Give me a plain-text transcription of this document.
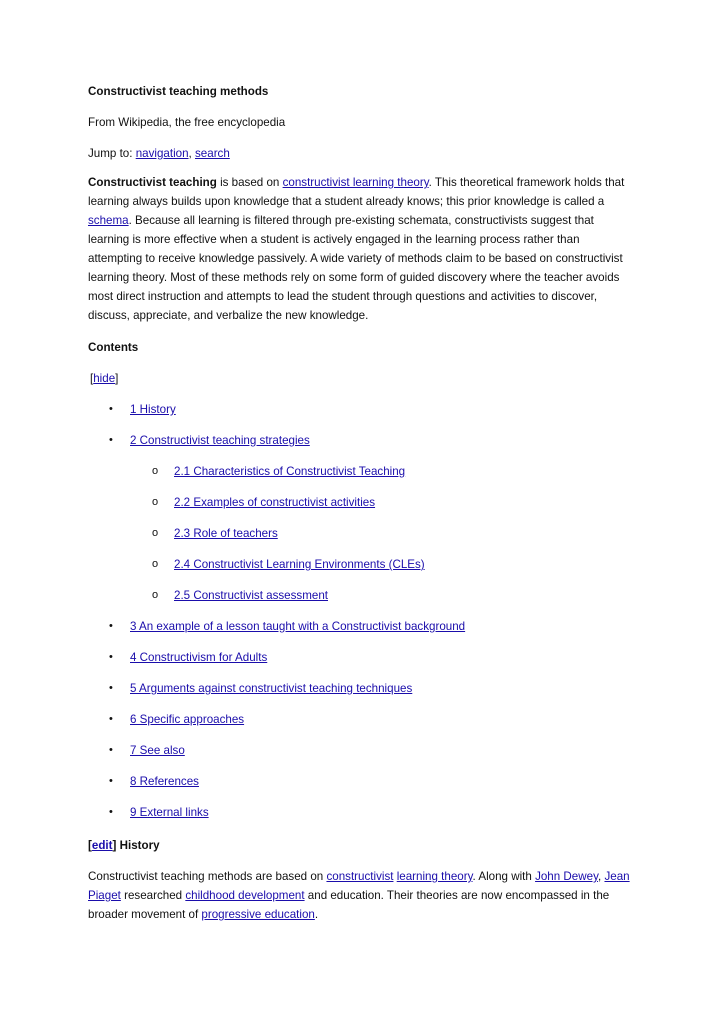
Constructivist teaching methods

From Wikipedia, the free encyclopedia

Jump to: navigation, search

Constructivist teaching is based on constructivist learning theory. This theoretical framework holds that learning always builds upon knowledge that a student already knows; this prior knowledge is called a schema. Because all learning is filtered through pre-existing schemata, constructivists suggest that learning is more effective when a student is actively engaged in the learning process rather than attempting to receive knowledge passively. A wide variety of methods claim to be based on constructivist learning theory. Most of these methods rely on some form of guided discovery where the teacher avoids most direct instruction and attempts to lead the student through questions and activities to discover, discuss, appreciate, and verbalize the new knowledge.

Contents

[hide]

• 1 History
• 2 Constructivist teaching strategies
o 2.1 Characteristics of Constructivist Teaching
o 2.2 Examples of constructivist activities
o 2.3 Role of teachers
o 2.4 Constructivist Learning Environments (CLEs)
o 2.5 Constructivist assessment
• 3 An example of a lesson taught with a Constructivist background
• 4 Constructivism for Adults
• 5 Arguments against constructivist teaching techniques
• 6 Specific approaches
• 7 See also
• 8 References
• 9 External links

[edit] History

Constructivist teaching methods are based on constructivist learning theory. Along with John Dewey, Jean Piaget researched childhood development and education. Their theories are now encompassed in the broader movement of progressive education.
